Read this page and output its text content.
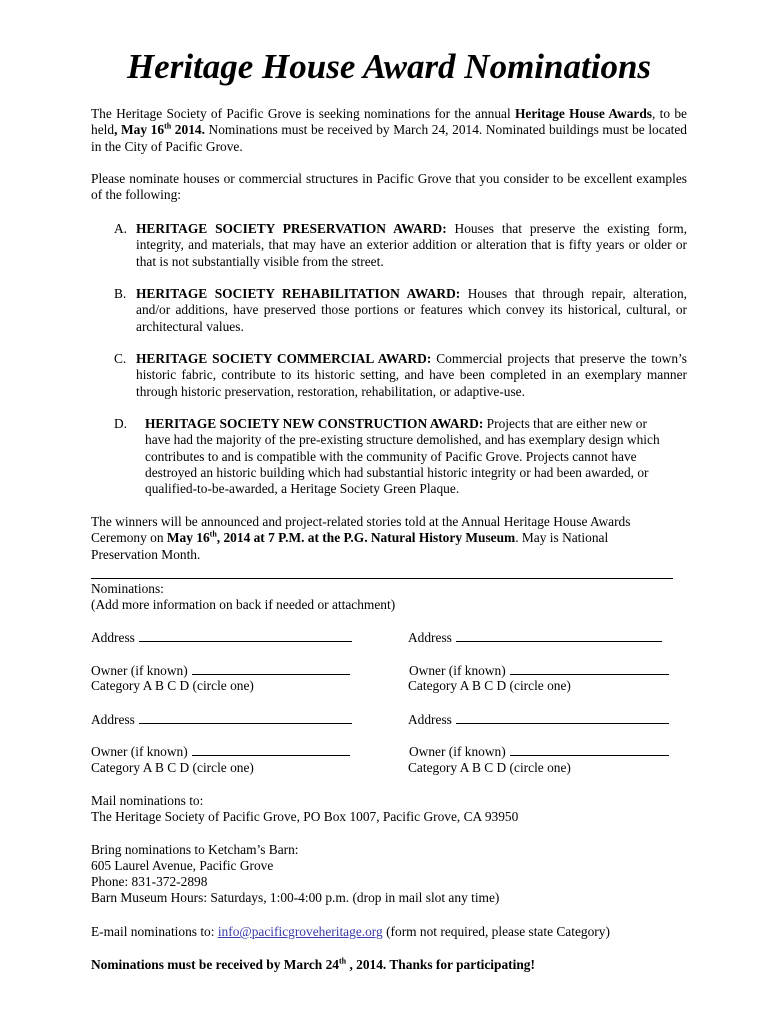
Heritage House Award Nominations

The Heritage Society of Pacific Grove is seeking nominations for the annual Heritage House Awards, to be held, May 16th 2014. Nominations must be received by March 24, 2014. Nominated buildings must be located in the City of Pacific Grove.

Please nominate houses or commercial structures in Pacific Grove that you consider to be excellent examples of the following:

A. HERITAGE SOCIETY PRESERVATION AWARD: Houses that preserve the existing form, integrity, and materials, that may have an exterior addition or alteration that is fifty years or older or that is not substantially visible from the street.
B. HERITAGE SOCIETY REHABILITATION AWARD: Houses that through repair, alteration, and/or additions, have preserved those portions or features which convey its historical, cultural, or architectural values.
C. HERITAGE SOCIETY COMMERCIAL AWARD: Commercial projects that preserve the town’s historic fabric, contribute to its historic setting, and have been completed in an exemplary manner through historic preservation, restoration, rehabilitation, or adaptive-use.
D. HERITAGE SOCIETY NEW CONSTRUCTION AWARD: Projects that are either new or have had the majority of the pre-existing structure demolished, and has exemplary design which contributes to and is compatible with the community of Pacific Grove. Projects cannot have destroyed an historic building which had substantial historic integrity or had been awarded, or qualified-to-be-awarded, a Heritage Society Green Plaque.

The winners will be announced and project-related stories told at the Annual Heritage House Awards Ceremony on May 16th, 2014 at 7 P.M. at the P.G. Natural History Museum. May is National Preservation Month.

Nominations:
(Add more information on back if needed or attachment)
Address
Owner (if known)
Category A B C D (circle one)
Address
Owner (if known)
Category A B C D (circle one)
Address
Owner (if known)
Category A B C D (circle one)
Address
Owner (if known)
Category A B C D (circle one)
Mail nominations to:
The Heritage Society of Pacific Grove, PO Box 1007, Pacific Grove, CA 93950
Bring nominations to Ketcham’s Barn:
605 Laurel Avenue, Pacific Grove
Phone: 831-372-2898
Barn Museum Hours: Saturdays, 1:00-4:00 p.m. (drop in mail slot any time)
E-mail nominations to: info@pacificgroveheritage.org (form not required, please state Category)
Nominations must be received by March 24th , 2014. Thanks for participating!
